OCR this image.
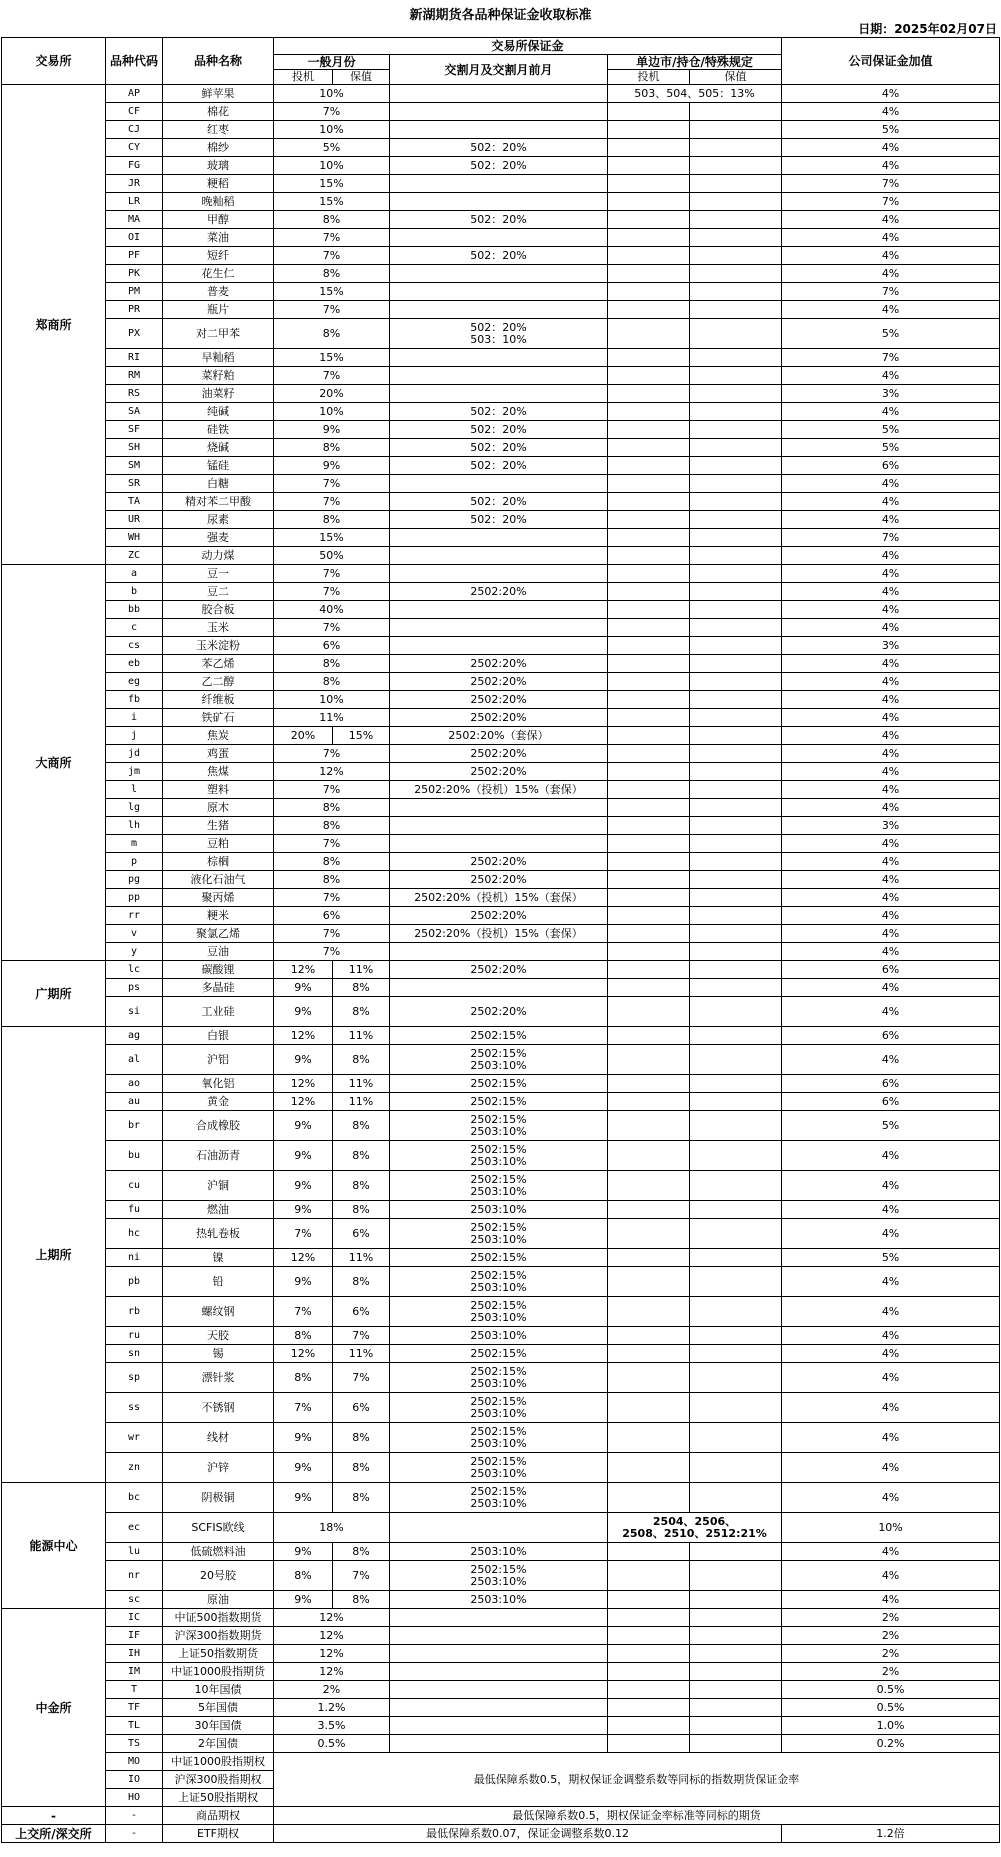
新湖期货各品种保证金收取标准
日期：2025年02月07日
交易所	品种代码	品种名称	交易所保证金					公司保证金加值
			一般月份		交割月及交割月前月	单边市/持仓/特殊规定		
			投机	保值		投机	保值	
郑商所	AP	鲜苹果	10%			503、504、505：13%		4%
	CF	棉花	7%					4%
	CJ	红枣	10%					5%
	CY	棉纱	5%		502：20%			4%
	FG	玻璃	10%		502：20%			4%
	JR	粳稻	15%					7%
	LR	晚籼稻	15%					7%
	MA	甲醇	8%		502：20%			4%
	OI	菜油	7%					4%
	PF	短纤	7%		502：20%			4%
	PK	花生仁	8%					4%
	PM	普麦	15%					7%
	PR	瓶片	7%					4%
	PX	对二甲苯	8%		502：20%
503：10%			5%
	RI	早籼稻	15%					7%
	RM	菜籽粕	7%					4%
	RS	油菜籽	20%					3%
	SA	纯碱	10%		502：20%			4%
	SF	硅铁	9%		502：20%			5%
	SH	烧碱	8%		502：20%			5%
	SM	锰硅	9%		502：20%			6%
	SR	白糖	7%					4%
	TA	精对苯二甲酸	7%		502：20%			4%
	UR	尿素	8%		502：20%			4%
	WH	强麦	15%					7%
	ZC	动力煤	50%					4%
大商所	a	豆一	7%					4%
	b	豆二	7%		2502:20%			4%
	bb	胶合板	40%					4%
	c	玉米	7%					4%
	cs	玉米淀粉	6%					3%
	eb	苯乙烯	8%		2502:20%			4%
	eg	乙二醇	8%		2502:20%			4%
	fb	纤维板	10%		2502:20%			4%
	i	铁矿石	11%		2502:20%			4%
	j	焦炭	20%	15%	2502:20%（套保）			4%
	jd	鸡蛋	7%		2502:20%			4%
	jm	焦煤	12%		2502:20%			4%
	l	塑料	7%		2502:20%（投机）15%（套保）			4%
	lg	原木	8%					4%
	lh	生猪	8%					3%
	m	豆粕	7%					4%
	p	棕榈	8%		2502:20%			4%
	pg	液化石油气	8%		2502:20%			4%
	pp	聚丙烯	7%		2502:20%（投机）15%（套保）			4%
	rr	粳米	6%		2502:20%			4%
	v	聚氯乙烯	7%		2502:20%（投机）15%（套保）			4%
	y	豆油	7%					4%
广期所	lc	碳酸锂	12%	11%	2502:20%			6%
	ps	多晶硅	9%	8%				4%
	si	工业硅	9%	8%	2502:20%			4%
上期所	ag	白银	12%	11%	2502:15%			6%
	al	沪铝	9%	8%	2502:15%
2503:10%			4%
	ao	氧化铝	12%	11%	2502:15%			6%
	au	黄金	12%	11%	2502:15%			6%
	br	合成橡胶	9%	8%	2502:15%
2503:10%			5%
	bu	石油沥青	9%	8%	2502:15%
2503:10%			4%
	cu	沪铜	9%	8%	2502:15%
2503:10%			4%
	fu	燃油	9%	8%	2503:10%			4%
	hc	热轧卷板	7%	6%	2502:15%
2503:10%			4%
	ni	镍	12%	11%	2502:15%			5%
	pb	铅	9%	8%	2502:15%
2503:10%			4%
	rb	螺纹钢	7%	6%	2502:15%
2503:10%			4%
	ru	天胶	8%	7%	2503:10%			4%
	sn	锡	12%	11%	2502:15%			4%
	sp	漂针浆	8%	7%	2502:15%
2503:10%			4%
	ss	不锈钢	7%	6%	2502:15%
2503:10%			4%
	wr	线材	9%	8%	2502:15%
2503:10%			4%
	zn	沪锌	9%	8%	2502:15%
2503:10%			4%
能源中心	bc	阴极铜	9%	8%	2502:15%
2503:10%			4%
	ec	SCFIS欧线	18%			2504、2506、
2508、2510、2512:21%		10%
	lu	低硫燃料油	9%	8%	2503:10%			4%
	nr	20号胶	8%	7%	2502:15%
2503:10%			4%
	sc	原油	9%	8%	2503:10%			4%
中金所	IC	中证500指数期货	12%					2%
	IF	沪深300指数期货	12%					2%
	IH	上证50指数期货	12%					2%
	IM	中证1000股指期货	12%					2%
	T	10年国债	2%					0.5%
	TF	5年国债	1.2%					0.5%
	TL	30年国债	3.5%					1.0%
	TS	2年国债	0.5%					0.2%
	MO	中证1000股指期权	最低保障系数0.5，期权保证金调整系数等同标的指数期货保证金率					
	IO	沪深300股指期权						
	HO	上证50股指期权						
-	-	商品期权	最低保障系数0.5，期权保证金率标准等同标的期货					
上交所/深交所	-	ETF期权	最低保障系数0.07，保证金调整系数0.12					1.2倍
